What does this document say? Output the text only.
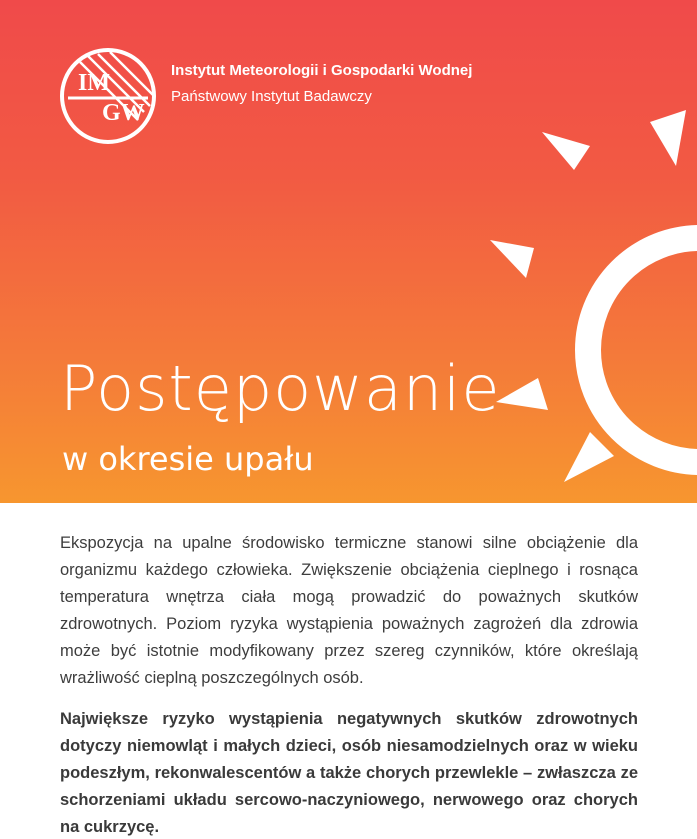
IM
GW
Instytut Meteorologii i Gospodarki Wodnej
Państwowy Instytut Badawczy
Postępowanie
w okresie upału

Ekspozycja na upalne środowisko termiczne stanowi silne obciążenie dla organizmu każdego człowieka. Zwiększenie obciążenia cieplnego i rosnąca temperatura wnętrza ciała mogą prowadzić do poważnych skutków zdrowotnych. Poziom ryzyka wystąpienia poważnych zagrożeń dla zdrowia może być istotnie modyfikowany przez szereg czynników, które określają wrażliwość cieplną poszczególnych osób.

Największe ryzyko wystąpienia negatywnych skutków zdrowotnych dotyczy niemowląt i małych dzieci, osób niesamodzielnych oraz w wieku podeszłym, rekonwalescentów a także chorych przewlekle – zwłaszcza ze schorzeniami układu sercowo-naczyniowego, nerwowego oraz chorych na cukrzycę.
